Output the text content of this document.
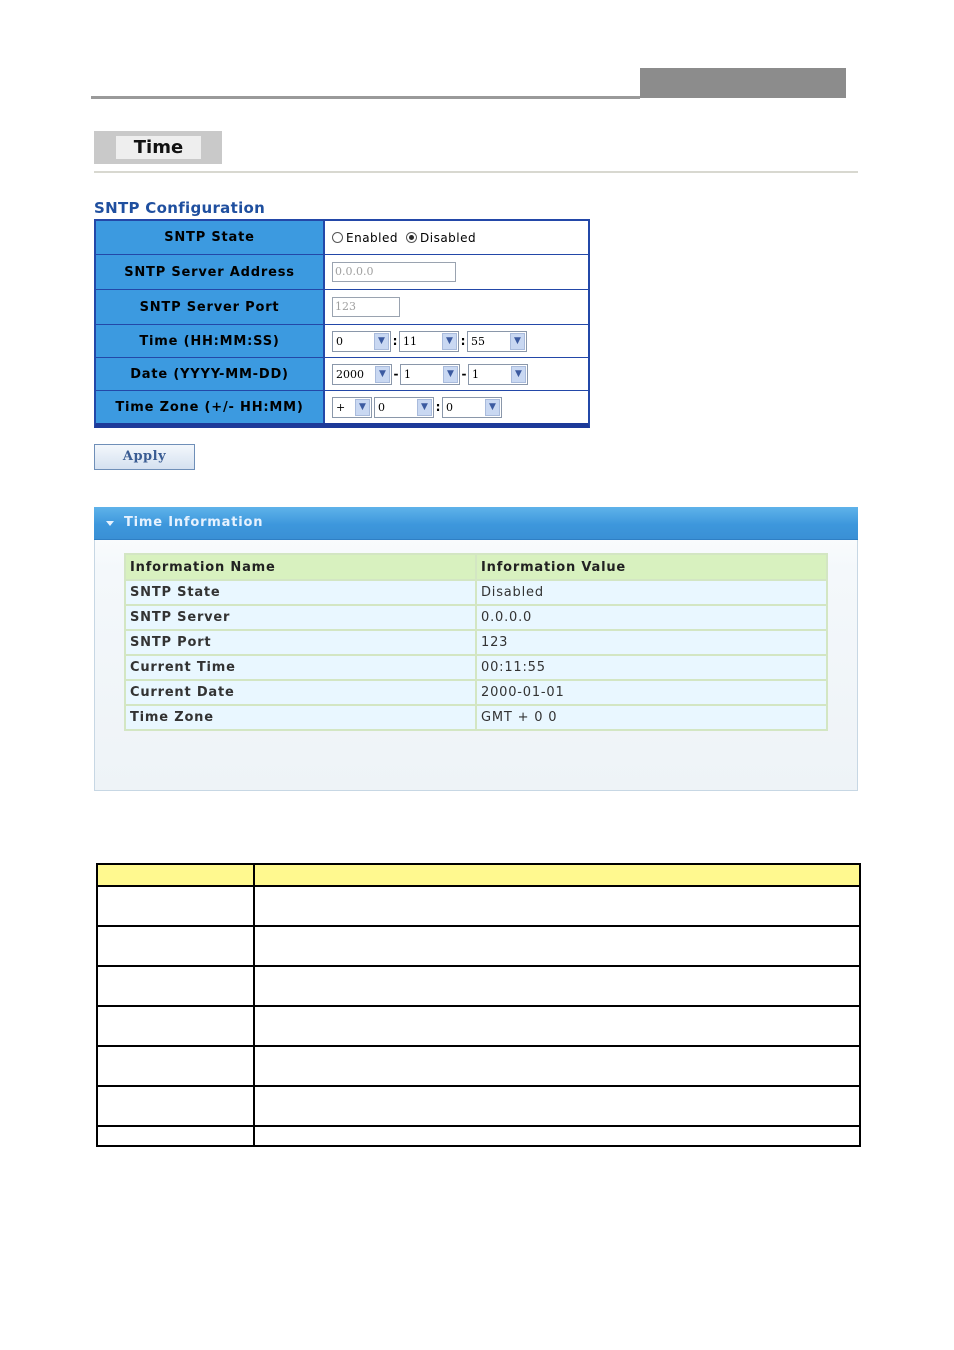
Time
SNTP Configuration
SNTP State	Enabled Disabled
SNTP Server Address	0.0.0.0
SNTP Server Port	123
Time (HH:MM:SS)	0	▼ : 11	▼ : 55	▼
Date (YYYY-MM-DD)	2000	▼ - 1	▼ - 1	▼
Time Zone (+/- HH:MM)	+	▼	0	▼ : 0	▼
Apply
Time Information
Information Name	Information Value
SNTP State	Disabled
SNTP Server	0.0.0.0
SNTP Port	123
Current Time	00:11:55
Current Date	2000-01-01
Time Zone	GMT + 0 0
